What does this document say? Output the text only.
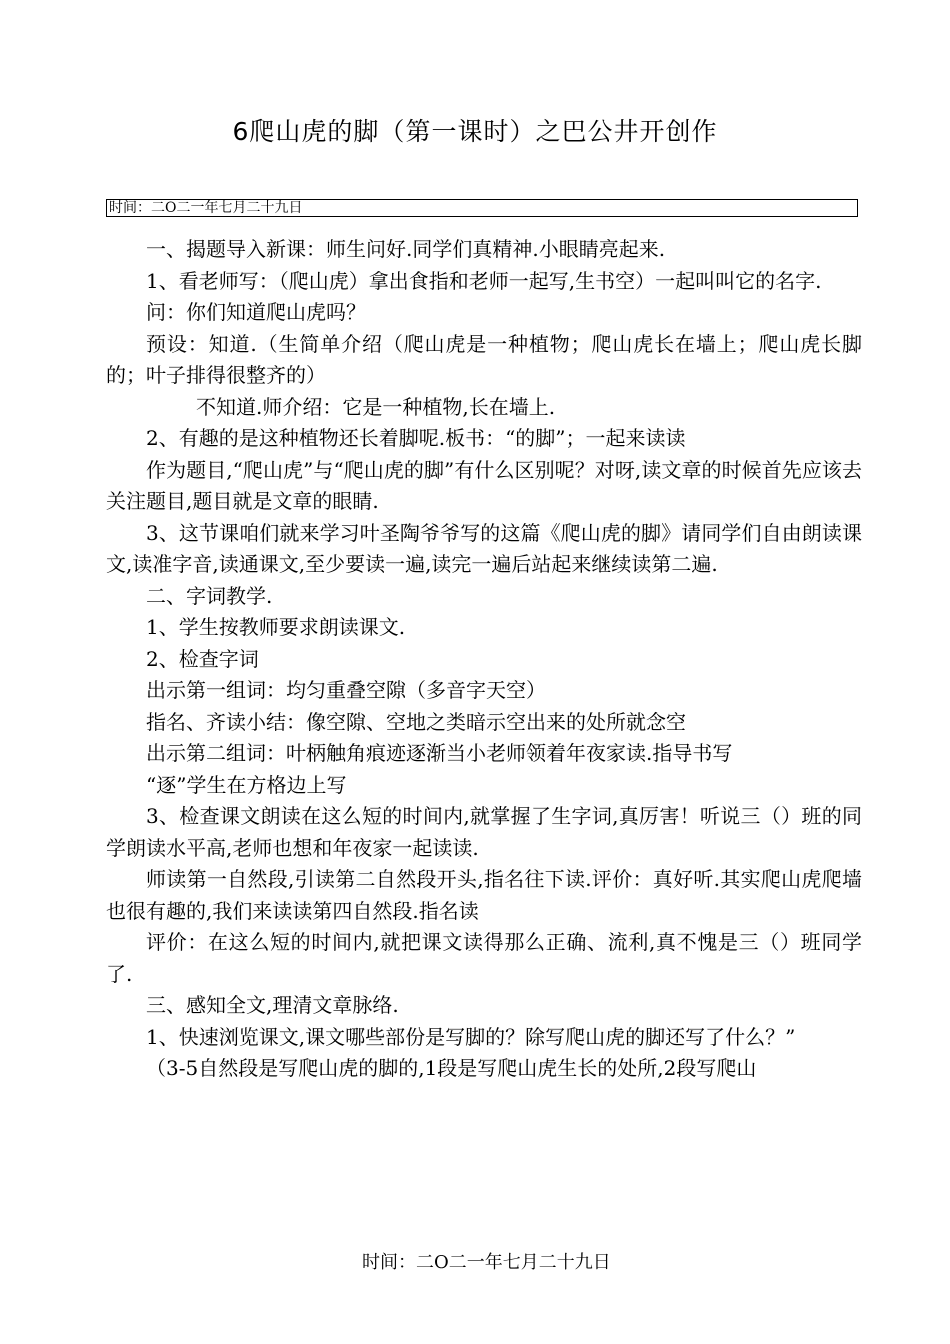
6爬山虎的脚（第一课时）之巴公井开创作
时间：二O二一年七月二十九日

一、揭题导入新课：师生问好.同学们真精神.小眼睛亮起来.

1、看老师写：（爬山虎）拿出食指和老师一起写,生书空）一起叫叫它的名字.

问：你们知道爬山虎吗？

预设：知道.（生简单介绍（爬山虎是一种植物；爬山虎长在墙上；爬山虎长脚的；叶子排得很整齐的）

不知道.师介绍：它是一种植物,长在墙上.

2、有趣的是这种植物还长着脚呢.板书：“的脚”；一起来读读

作为题目,“爬山虎”与“爬山虎的脚”有什么区别呢？对呀,读文章的时候首先应该去关注题目,题目就是文章的眼睛.

3、这节课咱们就来学习叶圣陶爷爷写的这篇《爬山虎的脚》请同学们自由朗读课文,读准字音,读通课文,至少要读一遍,读完一遍后站起来继续读第二遍.

二、字词教学.

1、学生按教师要求朗读课文.

2、检查字词

出示第一组词：均匀重叠空隙（多音字天空）

指名、齐读小结：像空隙、空地之类暗示空出来的处所就念空

出示第二组词：叶柄触角痕迹逐渐当小老师领着年夜家读.指导书写

“逐”学生在方格边上写

3、检查课文朗读在这么短的时间内,就掌握了生字词,真厉害！听说三（）班的同学朗读水平高,老师也想和年夜家一起读读.

师读第一自然段,引读第二自然段开头,指名往下读.评价：真好听.其实爬山虎爬墙也很有趣的,我们来读读第四自然段.指名读

评价：在这么短的时间内,就把课文读得那么正确、流利,真不愧是三（）班同学了.

三、感知全文,理清文章脉络.

1、快速浏览课文,课文哪些部份是写脚的？除写爬山虎的脚还写了什么？”

（3-5自然段是写爬山虎的脚的,1段是写爬山虎生长的处所,2段写爬山

时间：二O二一年七月二十九日
